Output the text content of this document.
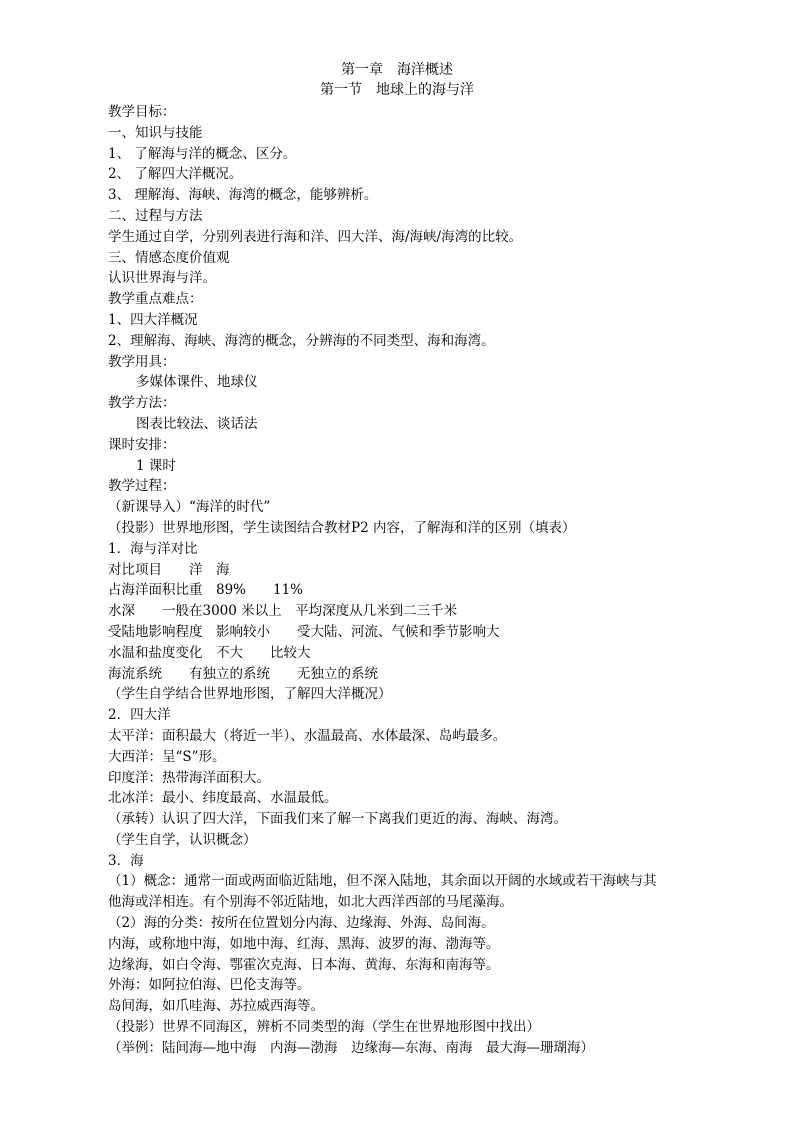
第一章　海洋概述
第一节　地球上的海与洋
教学目标：
一、知识与技能
1、 了解海与洋的概念、区分。
2、 了解四大洋概况。
3、 理解海、海峡、海湾的概念，能够辨析。
二、过程与方法
学生通过自学，分别列表进行海和洋、四大洋、海/海峡/海湾的比较。
三、情感态度价值观
认识世界海与洋。
教学重点难点：
1、四大洋概况
2、理解海、海峡、海湾的概念，分辨海的不同类型、海和海湾。
教学用具：
多媒体课件、地球仪
教学方法：
图表比较法、谈话法
课时安排：
1 课时
教学过程：
（新课导入）“海洋的时代”
（投影）世界地形图，学生读图结合教材P2 内容，了解海和洋的区别（填表）
1．海与洋对比
对比项目　　洋　海
占海洋面积比重　89%　　11%
水深　　一般在3000 米以上　平均深度从几米到二三千米
受陆地影响程度　影响较小　　受大陆、河流、气候和季节影响大
水温和盐度变化　不大　　比较大
海流系统　　有独立的系统　　无独立的系统
（学生自学结合世界地形图，了解四大洋概况）
2．四大洋
太平洋：面积最大（将近一半）、水温最高、水体最深、岛屿最多。
大西洋：呈“S”形。
印度洋：热带海洋面积大。
北冰洋：最小、纬度最高、水温最低。
（承转）认识了四大洋，下面我们来了解一下离我们更近的海、海峡、海湾。
（学生自学，认识概念）
3．海
（1）概念：通常一面或两面临近陆地，但不深入陆地，其余面以开阔的水域或若干海峡与其
他海或洋相连。有个别海不邻近陆地，如北大西洋西部的马尾藻海。
（2）海的分类：按所在位置划分内海、边缘海、外海、岛间海。
内海，或称地中海，如地中海、红海、黑海、波罗的海、渤海等。
边缘海，如白令海、鄂霍次克海、日本海、黄海、东海和南海等。
外海：如阿拉伯海、巴伦支海等。
岛间海，如爪哇海、苏拉威西海等。
（投影）世界不同海区，辨析不同类型的海（学生在世界地形图中找出）
（举例：陆间海—地中海　内海—渤海　边缘海—东海、南海　最大海—珊瑚海）
